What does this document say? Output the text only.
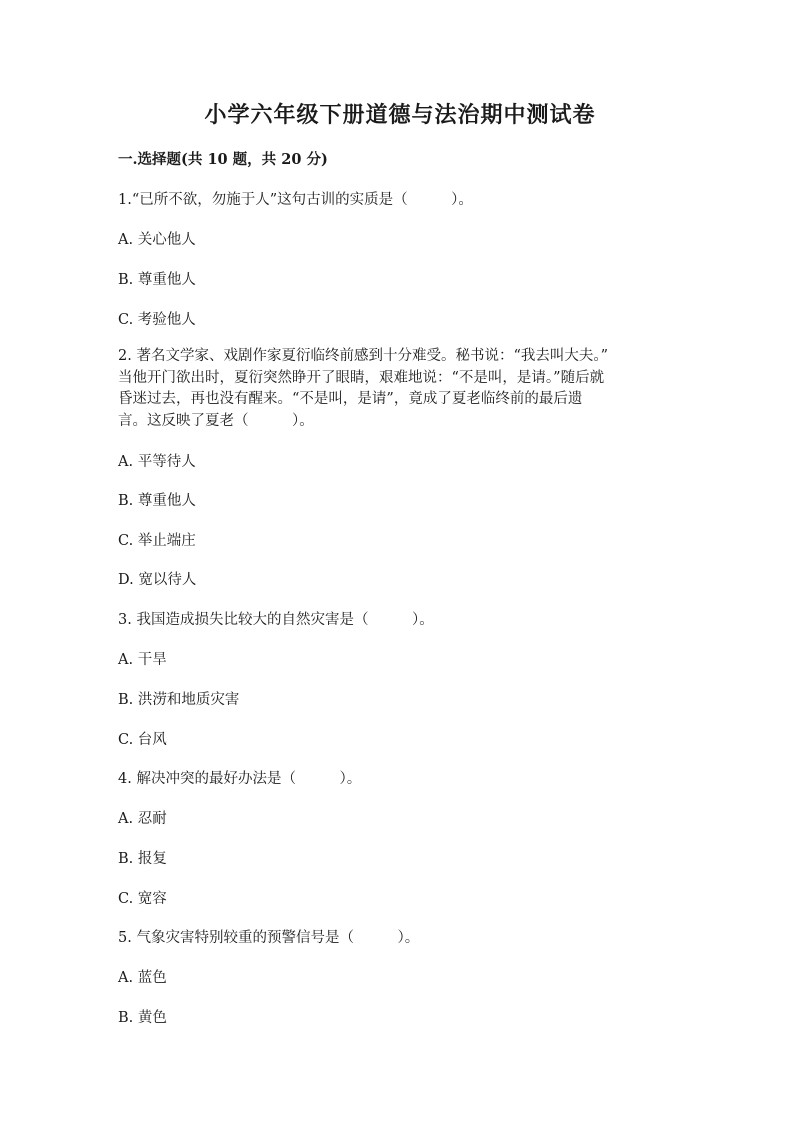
小学六年级下册道德与法治期中测试卷
一.选择题(共 10 题，共 20 分)
1.“已所不欲，勿施于人”这句古训的实质是（　　　）。
A. 关心他人
B. 尊重他人
C. 考验他人
2. 著名文学家、戏剧作家夏衍临终前感到十分难受。秘书说：“我去叫大夫。”
当他开门欲出时，夏衍突然睁开了眼睛，艰难地说：“不是叫，是请。”随后就
昏迷过去，再也没有醒来。“不是叫，是请”，竟成了夏老临终前的最后遗
言。这反映了夏老（　　　）。
A. 平等待人
B. 尊重他人
C. 举止端庄
D. 宽以待人
3. 我国造成损失比较大的自然灾害是（　　　）。
A. 干旱
B. 洪涝和地质灾害
C. 台风
4. 解决冲突的最好办法是（　　　）。
A. 忍耐
B. 报复
C. 宽容
5. 气象灾害特别较重的预警信号是（　　　）。
A. 蓝色
B. 黄色
